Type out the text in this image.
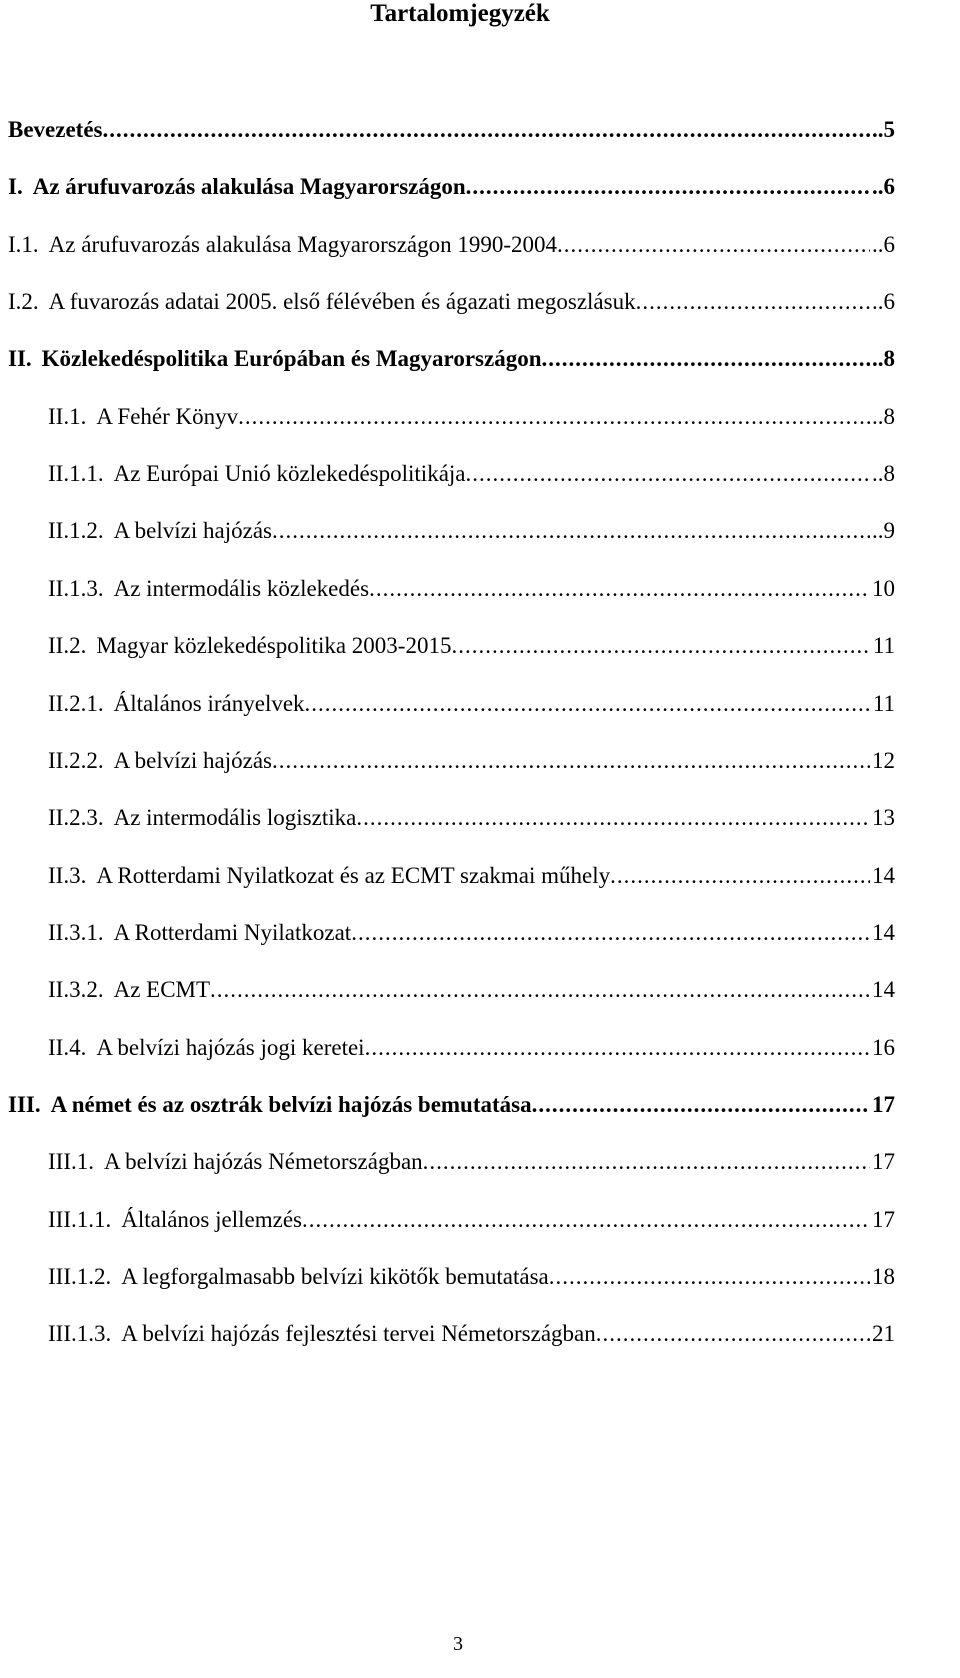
Tartalomjegyzék
Bevezetés .....	..5
I. Az árufuvarozás alakulása Magyarországon .....	..6
I.1. Az árufuvarozás alakulása Magyarországon 1990-2004 .....	..6
I.2. A fuvarozás adatai 2005. első félévében és ágazati megoszlásuk .....	..6
II. Közlekedéspolitika Európában és Magyarországon .....	..8
II.1. A Fehér Könyv .....	..8
II.1.1. Az Európai Unió közlekedéspolitikája .....	..8
II.1.2. A belvízi hajózás .....	..9
II.1.3. Az intermodális közlekedés .....	10
II.2. Magyar közlekedéspolitika 2003-2015 .....	11
II.2.1. Általános irányelvek .....	11
II.2.2. A belvízi hajózás .....	12
II.2.3. Az intermodális logisztika .....	13
II.3. A Rotterdami Nyilatkozat és az ECMT szakmai műhely .....	14
II.3.1. A Rotterdami Nyilatkozat .....	14
II.3.2. Az ECMT .....	14
II.4. A belvízi hajózás jogi keretei .....	16
III. A német és az osztrák belvízi hajózás bemutatása .....	17
III.1. A belvízi hajózás Németországban .....	17
III.1.1. Általános jellemzés .....	17
III.1.2. A legforgalmasabb belvízi kikötők bemutatása .....	18
III.1.3. A belvízi hajózás fejlesztési tervei Németországban .....	21
3
